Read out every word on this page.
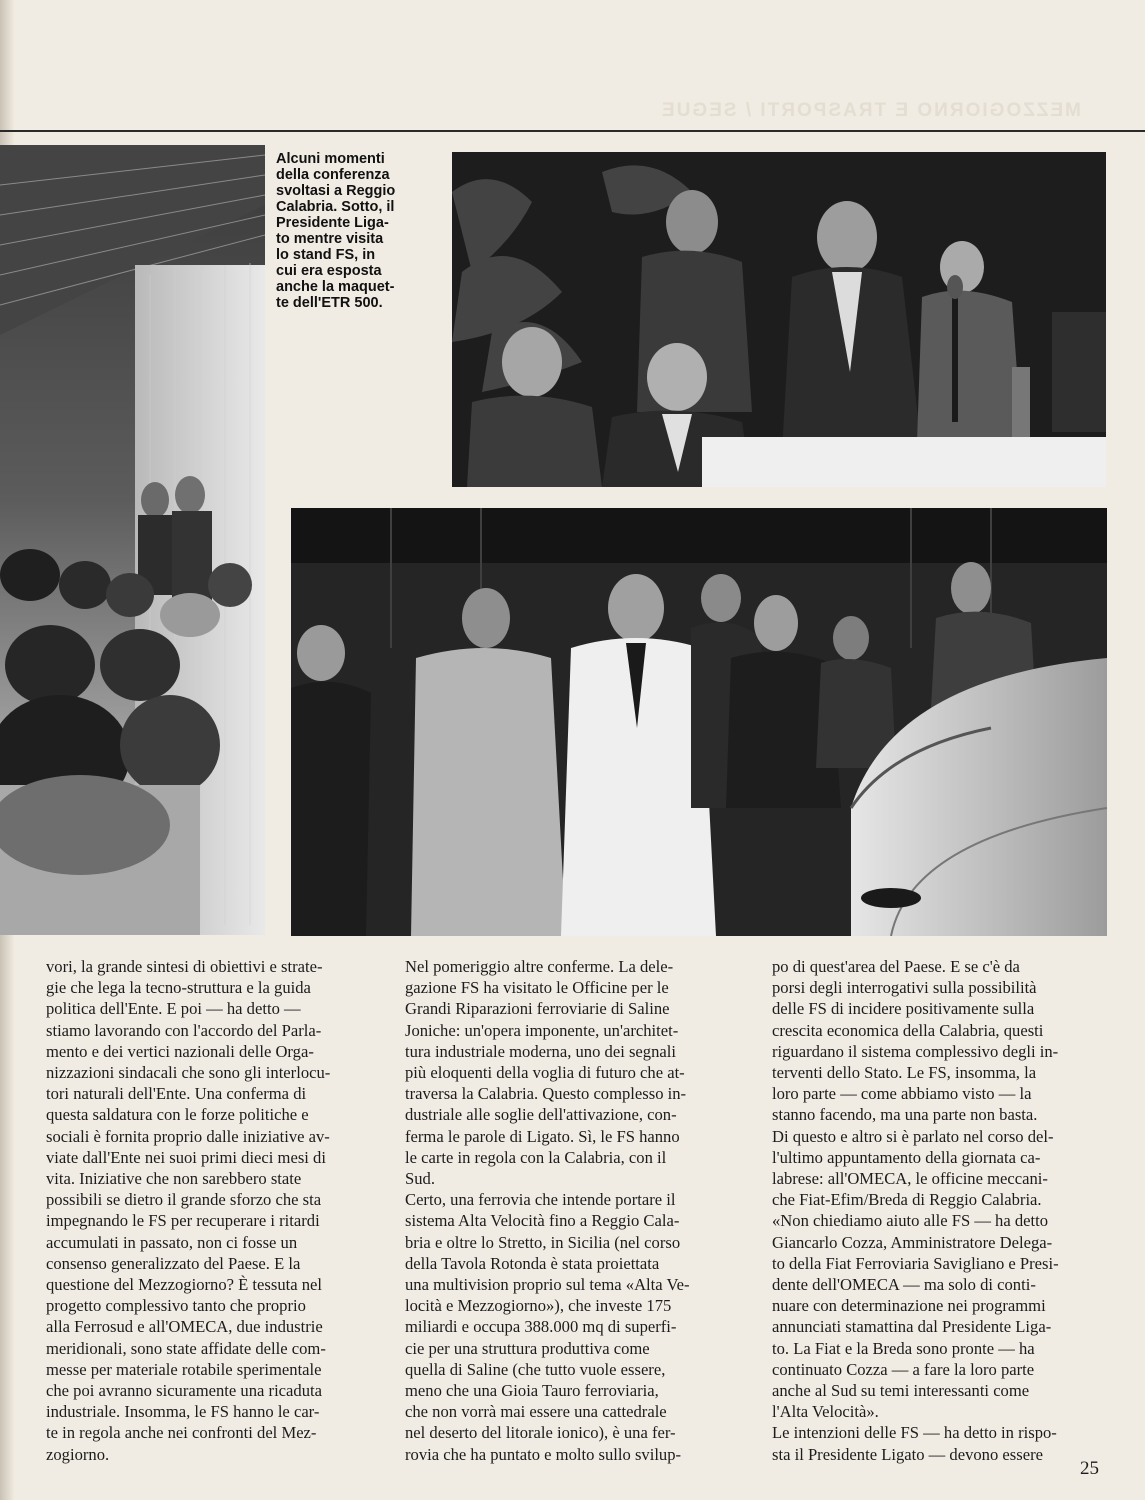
MEZZOGIORNO E TRASPORTI / SEGUE
Alcuni momenti
della conferenza
svoltasi a Reggio
Calabria. Sotto, il
Presidente Liga-
to mentre visita
lo stand FS, in
cui era esposta
anche la maquet-
te dell'ETR 500.
vori, la grande sintesi di obiettivi e strate-
gie che lega la tecno-struttura e la guida
politica dell'Ente. E poi — ha detto —
stiamo lavorando con l'accordo del Parla-
mento e dei vertici nazionali delle Orga-
nizzazioni sindacali che sono gli interlocu-
tori naturali dell'Ente. Una conferma di
questa saldatura con le forze politiche e
sociali è fornita proprio dalle iniziative av-
viate dall'Ente nei suoi primi dieci mesi di
vita. Iniziative che non sarebbero state
possibili se dietro il grande sforzo che sta
impegnando le FS per recuperare i ritardi
accumulati in passato, non ci fosse un
consenso generalizzato del Paese. E la
questione del Mezzogiorno? È tessuta nel
progetto complessivo tanto che proprio
alla Ferrosud e all'OMECA, due industrie
meridionali, sono state affidate delle com-
messe per materiale rotabile sperimentale
che poi avranno sicuramente una ricaduta
industriale. Insomma, le FS hanno le car-
te in regola anche nei confronti del Mez-
zogiorno.
Nel pomeriggio altre conferme. La dele-
gazione FS ha visitato le Officine per le
Grandi Riparazioni ferroviarie di Saline
Joniche: un'opera imponente, un'architet-
tura industriale moderna, uno dei segnali
più eloquenti della voglia di futuro che at-
traversa la Calabria. Questo complesso in-
dustriale alle soglie dell'attivazione, con-
ferma le parole di Ligato. Sì, le FS hanno
le carte in regola con la Calabria, con il
Sud.
Certo, una ferrovia che intende portare il
sistema Alta Velocità fino a Reggio Cala-
bria e oltre lo Stretto, in Sicilia (nel corso
della Tavola Rotonda è stata proiettata
una multivision proprio sul tema «Alta Ve-
locità e Mezzogiorno»), che investe 175
miliardi e occupa 388.000 mq di superfi-
cie per una struttura produttiva come
quella di Saline (che tutto vuole essere,
meno che una Gioia Tauro ferroviaria,
che non vorrà mai essere una cattedrale
nel deserto del litorale ionico), è una fer-
rovia che ha puntato e molto sullo svilup-
po di quest'area del Paese. E se c'è da
porsi degli interrogativi sulla possibilità
delle FS di incidere positivamente sulla
crescita economica della Calabria, questi
riguardano il sistema complessivo degli in-
terventi dello Stato. Le FS, insomma, la
loro parte — come abbiamo visto — la
stanno facendo, ma una parte non basta.
Di questo e altro si è parlato nel corso del-
l'ultimo appuntamento della giornata ca-
labrese: all'OMECA, le officine meccani-
che Fiat-Efim/Breda di Reggio Calabria.
«Non chiediamo aiuto alle FS — ha detto
Giancarlo Cozza, Amministratore Delega-
to della Fiat Ferroviaria Savigliano e Presi-
dente dell'OMECA — ma solo di conti-
nuare con determinazione nei programmi
annunciati stamattina dal Presidente Liga-
to. La Fiat e la Breda sono pronte — ha
continuato Cozza — a fare la loro parte
anche al Sud su temi interessanti come
l'Alta Velocità».
Le intenzioni delle FS — ha detto in rispo-
sta il Presidente Ligato — devono essere
25
